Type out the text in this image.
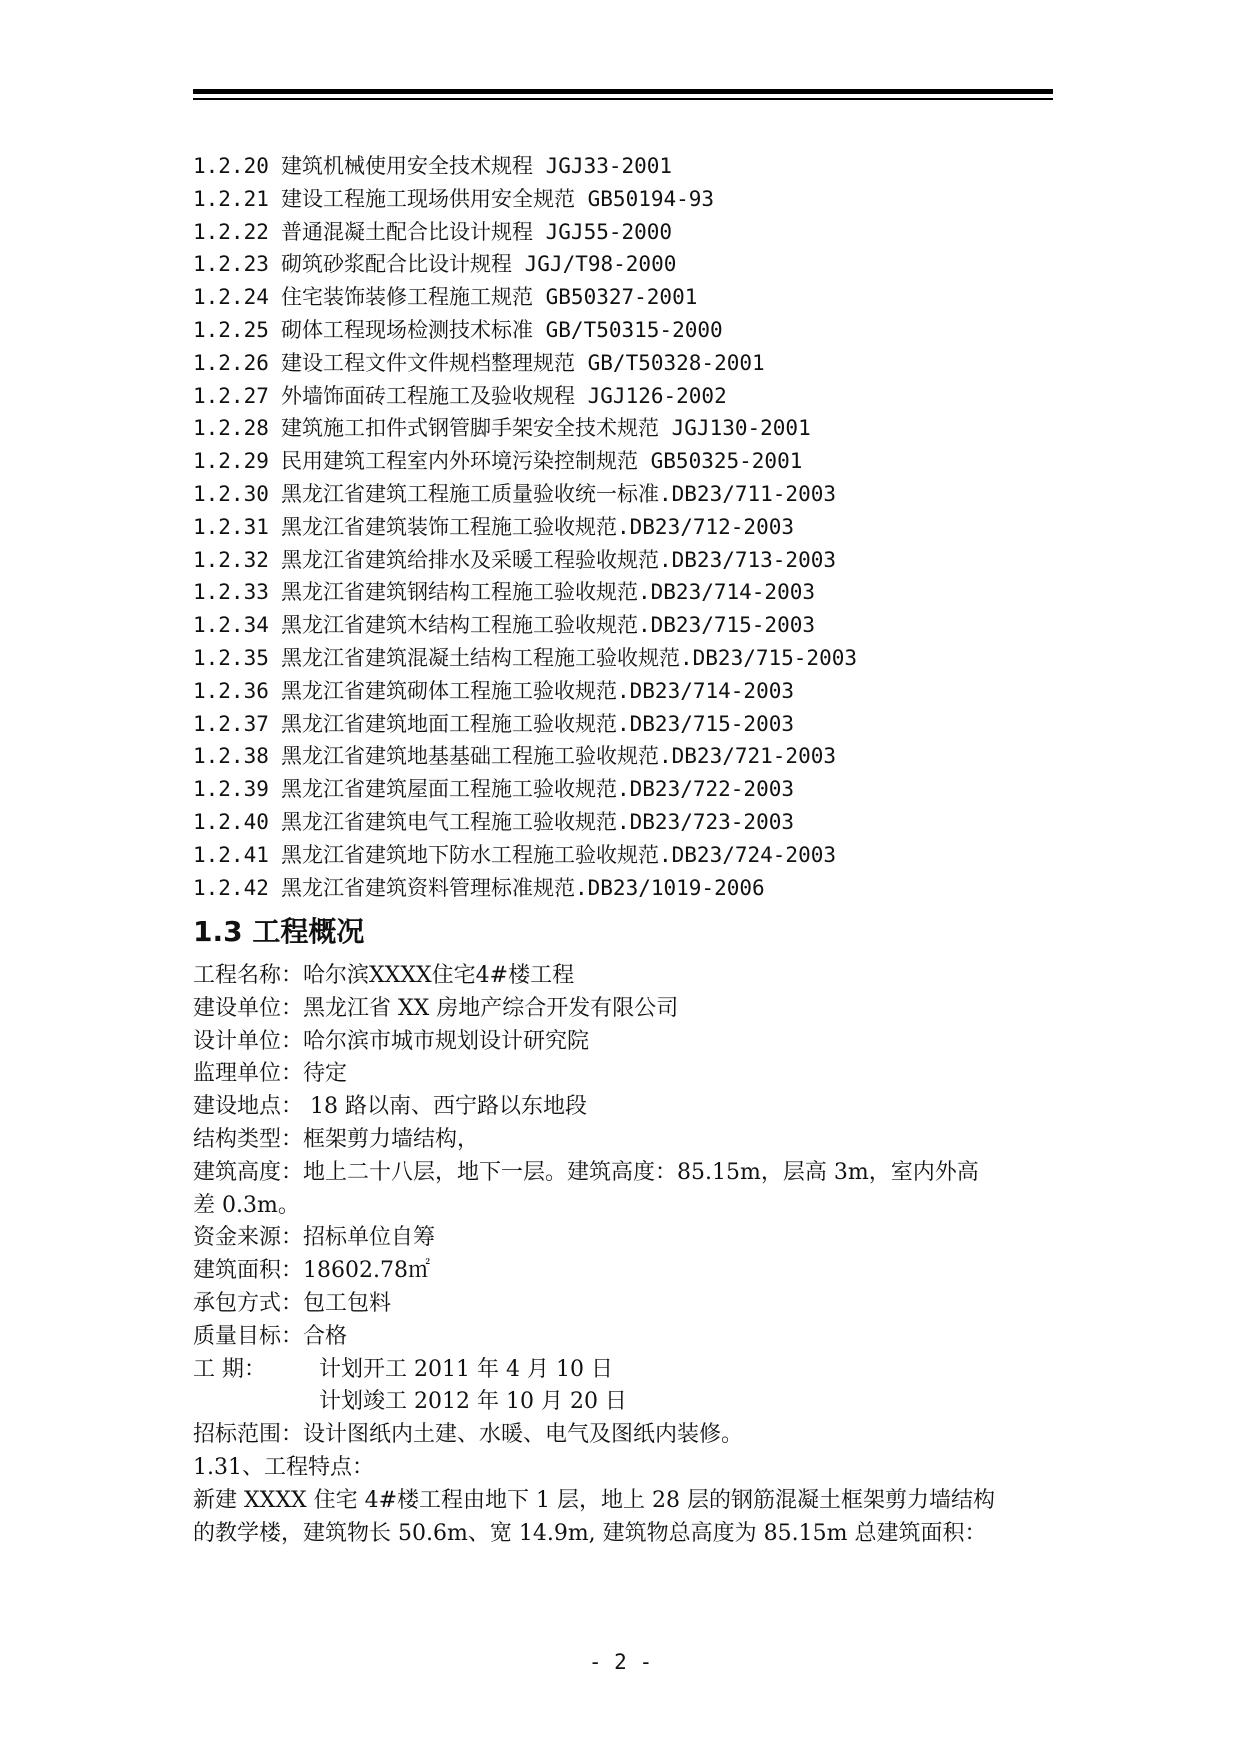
1.2.20 建筑机械使用安全技术规程 JGJ33-2001
1.2.21 建设工程施工现场供用安全规范 GB50194-93
1.2.22 普通混凝土配合比设计规程 JGJ55-2000
1.2.23 砌筑砂浆配合比设计规程 JGJ/T98-2000
1.2.24 住宅装饰装修工程施工规范 GB50327-2001
1.2.25 砌体工程现场检测技术标准 GB/T50315-2000
1.2.26 建设工程文件文件规档整理规范 GB/T50328-2001
1.2.27 外墙饰面砖工程施工及验收规程 JGJ126-2002
1.2.28 建筑施工扣件式钢管脚手架安全技术规范 JGJ130-2001
1.2.29 民用建筑工程室内外环境污染控制规范 GB50325-2001
1.2.30 黑龙江省建筑工程施工质量验收统一标准.DB23/711-2003
1.2.31 黑龙江省建筑装饰工程施工验收规范.DB23/712-2003
1.2.32 黑龙江省建筑给排水及采暖工程验收规范.DB23/713-2003
1.2.33 黑龙江省建筑钢结构工程施工验收规范.DB23/714-2003
1.2.34 黑龙江省建筑木结构工程施工验收规范.DB23/715-2003
1.2.35 黑龙江省建筑混凝土结构工程施工验收规范.DB23/715-2003
1.2.36 黑龙江省建筑砌体工程施工验收规范.DB23/714-2003
1.2.37 黑龙江省建筑地面工程施工验收规范.DB23/715-2003
1.2.38 黑龙江省建筑地基基础工程施工验收规范.DB23/721-2003
1.2.39 黑龙江省建筑屋面工程施工验收规范.DB23/722-2003
1.2.40 黑龙江省建筑电气工程施工验收规范.DB23/723-2003
1.2.41 黑龙江省建筑地下防水工程施工验收规范.DB23/724-2003
1.2.42 黑龙江省建筑资料管理标准规范.DB23/1019-2006
1.3 工程概况
工程名称：哈尔滨XXXX住宅4#楼工程
建设单位：黑龙江省 XX 房地产综合开发有限公司
设计单位：哈尔滨市城市规划设计研究院
监理单位：待定
建设地点： 18 路以南、西宁路以东地段
结构类型：框架剪力墙结构，
建筑高度：地上二十八层，地下一层。建筑高度：85.15m，层高 3m，室内外高
差 0.3m。
资金来源：招标单位自筹
建筑面积：18602.78㎡
承包方式：包工包料
质量目标：合格
工 期： 计划开工 2011 年 4 月 10 日
计划竣工 2012 年 10 月 20 日
招标范围：设计图纸内土建、水暖、电气及图纸内装修。
1.31、工程特点：
新建 XXXX 住宅 4#楼工程由地下 1 层，地上 28 层的钢筋混凝土框架剪力墙结构
的教学楼，建筑物长 50.6m、宽 14.9m, 建筑物总高度为 85.15m 总建筑面积：
- 2 -
